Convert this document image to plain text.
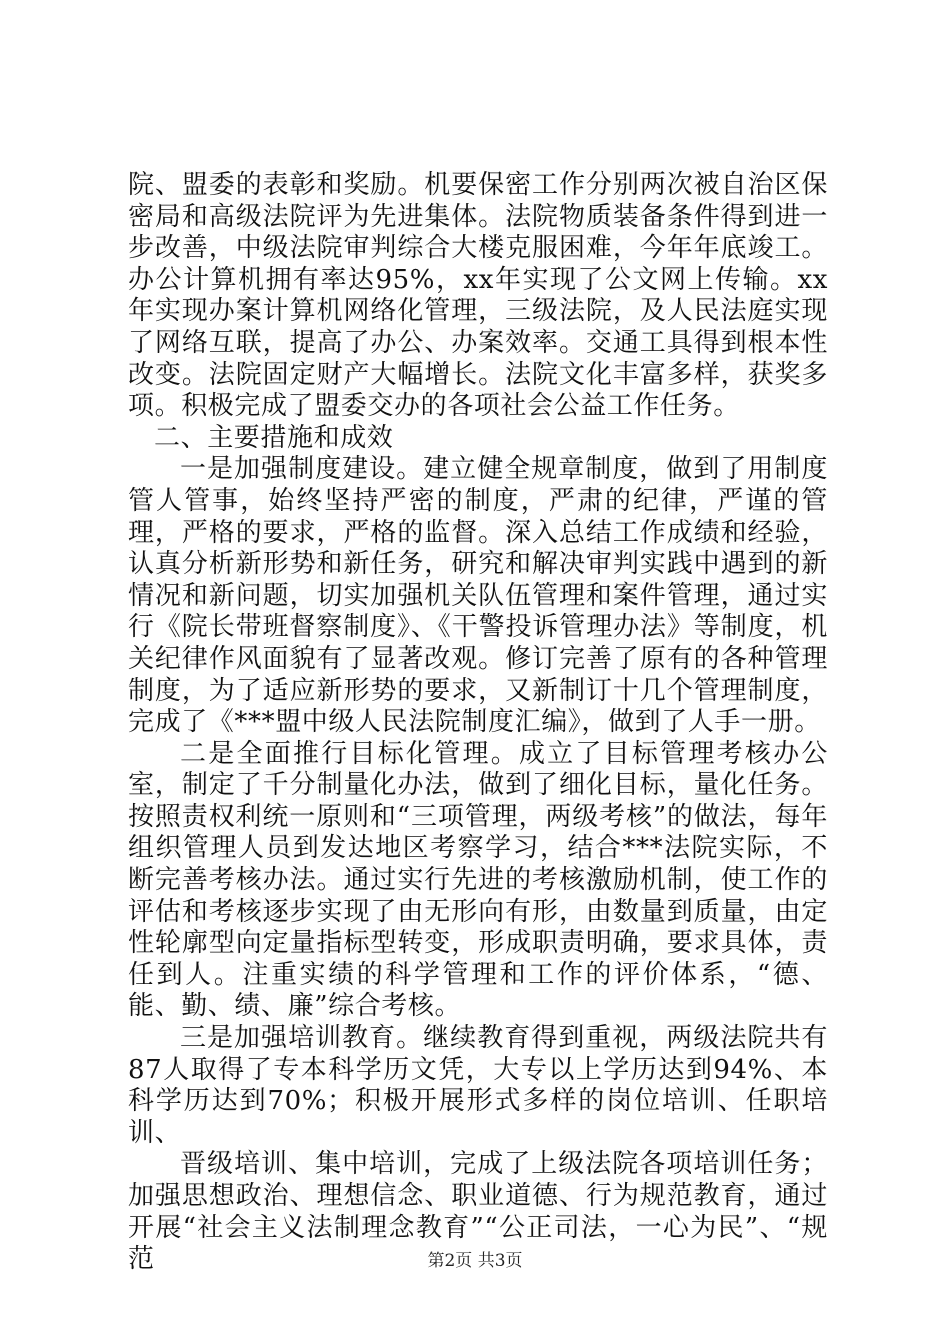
院、盟委的表彰和奖励。机要保密工作分别两次被自治区保密局和高级法院评为先进集体。法院物质装备条件得到进一步改善，中级法院审判综合大楼克服困难，今年年底竣工。办公计算机拥有率达95%，xx年实现了公文网上传输。xx年实现办案计算机网络化管理，三级法院，及人民法庭实现了网络互联，提高了办公、办案效率。交通工具得到根本性改变。法院固定财产大幅增长。法院文化丰富多样，获奖多项。积极完成了盟委交办的各项社会公益工作任务。

二、主要措施和成效

一是加强制度建设。建立健全规章制度，做到了用制度管人管事，始终坚持严密的制度，严肃的纪律，严谨的管理，严格的要求，严格的监督。深入总结工作成绩和经验，认真分析新形势和新任务，研究和解决审判实践中遇到的新情况和新问题，切实加强机关队伍管理和案件管理，通过实行《院长带班督察制度》、《干警投诉管理办法》等制度，机关纪律作风面貌有了显著改观。修订完善了原有的各种管理制度，为了适应新形势的要求，又新制订十几个管理制度，完成了《***盟中级人民法院制度汇编》，做到了人手一册。

二是全面推行目标化管理。成立了目标管理考核办公室，制定了千分制量化办法，做到了细化目标，量化任务。按照责权利统一原则和“三项管理，两级考核”的做法，每年组织管理人员到发达地区考察学习，结合***法院实际，不断完善考核办法。通过实行先进的考核激励机制，使工作的评估和考核逐步实现了由无形向有形，由数量到质量，由定性轮廓型向定量指标型转变，形成职责明确，要求具体，责任到人。注重实绩的科学管理和工作的评价体系，“德、能、勤、绩、廉”综合考核。

三是加强培训教育。继续教育得到重视，两级法院共有87人取得了专本科学历文凭，大专以上学历达到94%、本科学历达到70%；积极开展形式多样的岗位培训、任职培训、

晋级培训、集中培训，完成了上级法院各项培训任务；加强思想政治、理想信念、职业道德、行为规范教育，通过开展“社会主义法制理念教育”“公正司法，一心为民”、“规范	第2页 共3页
